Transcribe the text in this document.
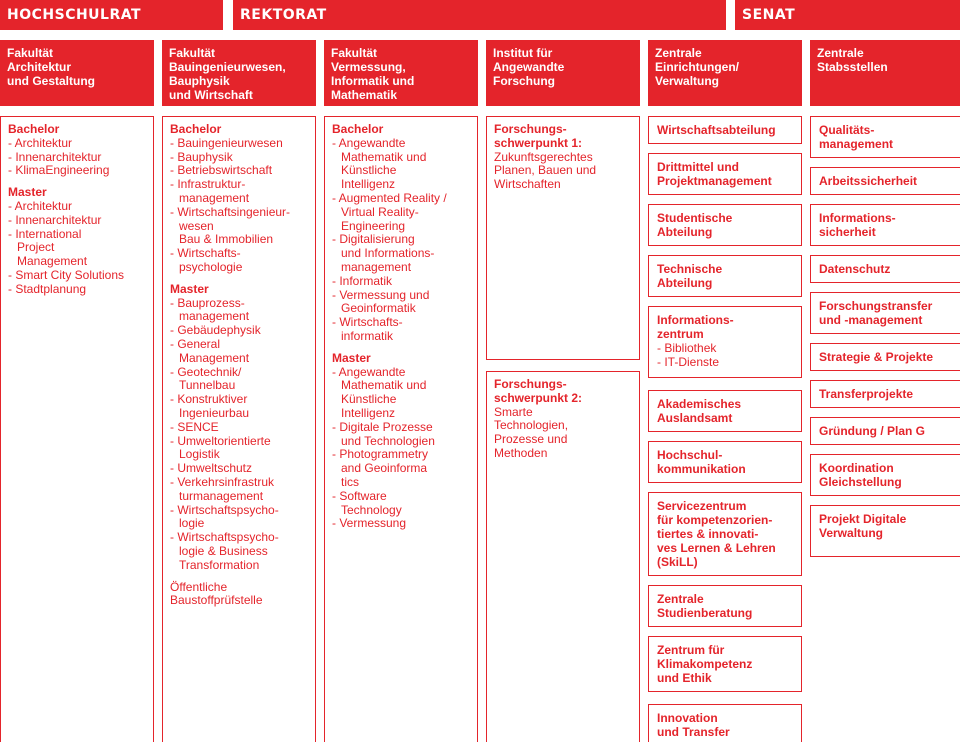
HOCHSCHULRAT	REKTORAT	SENAT
Fakultät
Architektur
und Gestaltung
Fakultät
Bauingenieurwesen,
Bauphysik
und Wirtschaft
Fakultät
Vermessung,
Informatik und
Mathematik
Institut für
Angewandte
Forschung
Zentrale
Einrichtungen/
Verwaltung
Zentrale
Stabsstellen
Bachelor
- Architektur
- Innenarchitektur
- KlimaEngineering
Master
- Architektur
- Innenarchitektur
- International
Project
Management
- Smart City Solutions
- Stadtplanung
Bachelor
- Bauingenieurwesen
- Bauphysik
- Betriebswirtschaft
- Infrastruktur-
management
- Wirtschaftsingenieur-
wesen
Bau & Immobilien
- Wirtschafts-
psychologie
Master
- Bauprozess-
management
- Gebäudephysik
- General
Management
- Geotechnik/
Tunnelbau
- Konstruktiver
Ingenieurbau
- SENCE
- Umweltorientierte
Logistik
- Umweltschutz
- Verkehrsinfrastruk
turmanagement
- Wirtschaftspsycho-
logie
- Wirtschaftspsycho-
logie & Business
Transformation
Öffentliche
Baustoffprüfstelle
Bachelor
- Angewandte
Mathematik und
Künstliche
Intelligenz
- Augmented Reality /
Virtual Reality-
Engineering
- Digitalisierung
und Informations-
management
- Informatik
- Vermessung und
Geoinformatik
- Wirtschafts-
informatik
Master
- Angewandte
Mathematik und
Künstliche
Intelligenz
- Digitale Prozesse
und Technologien
- Photogrammetry
and Geoinforma
tics
- Software
Technology
- Vermessung
Forschungs-
schwerpunkt 1:
Zukunftsgerechtes
Planen, Bauen und
Wirtschaften
Forschungs-
schwerpunkt 2:
Smarte
Technologien,
Prozesse und
Methoden
Wirtschaftsabteilung
Drittmittel und
Projektmanagement
Studentische
Abteilung
Technische
Abteilung
Informations-
zentrum

- Bibliothek
- IT-Dienste
Akademisches
Auslandsamt
Hochschul-
kommunikation
Servicezentrum
für kompetenzorien-
tiertes & innovati-
ves Lernen & Lehren
(SkiLL)
Zentrale
Studienberatung
Zentrum für
Klimakompetenz
und Ethik
Innovation
und Transfer
Qualitäts-
management
Arbeitssicherheit
Informations-
sicherheit
Datenschutz
Forschungstransfer
und -management
Strategie & Projekte
Transferprojekte
Gründung / Plan G
Koordination
Gleichstellung
Projekt Digitale
Verwaltung
